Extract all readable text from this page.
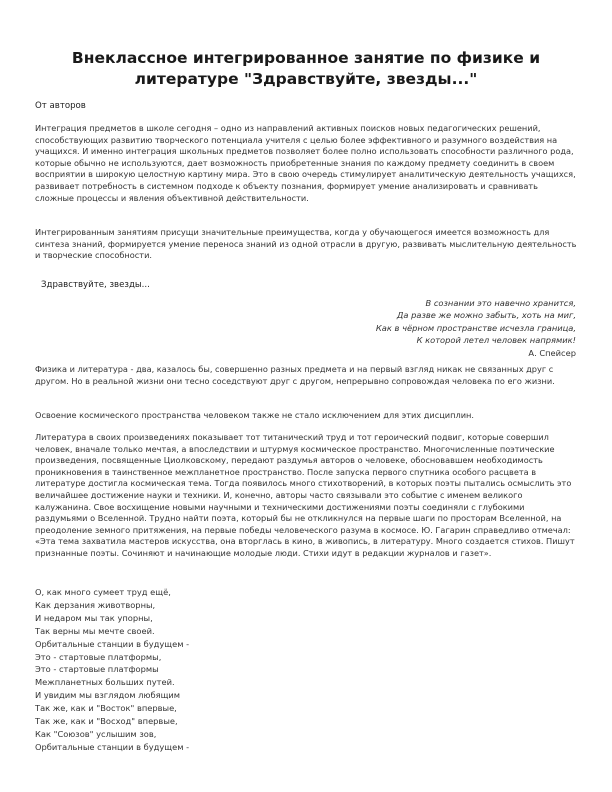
Внеклассное интегрированное занятие по физике и литературе "Здравствуйте, звезды..."

От авторов

Интеграция предметов в школе сегодня – одно из направлений активных поисков новых педагогических решений, способствующих развитию творческого потенциала учителя с целью более эффективного и разумного воздействия на учащихся. И именно интеграция школьных предметов позволяет более полно использовать способности различного рода, которые обычно не используются, дает возможность приобретенные знания по каждому предмету соединить в своем восприятии в широкую целостную картину мира. Это в свою очередь стимулирует аналитическую деятельность учащихся, развивает потребность в системном подходе к объекту познания, формирует умение анализировать и сравнивать сложные процессы и явления объективной действительности.

Интегрированным занятиям присущи значительные преимущества, когда у обучающегося имеется возможность для синтеза знаний, формируется умение переноса знаний из одной отрасли в другую, развивать мыслительную деятельность и творческие способности.

Здравствуйте, звезды...

В сознании это навечно хранится,
Да разве же можно забыть, хоть на миг,
Как в чёрном пространстве исчезла граница,
К которой летел человек напрямик!
А. Спейсер

Физика и литература - два, казалось бы, совершенно разных предмета и на первый взгляд никак не связанных друг с другом. Но в реальной жизни они тесно соседствуют друг с другом, непрерывно сопровождая человека по его жизни.

Освоение космического пространства человеком также не стало исключением для этих дисциплин.

Литература в своих произведениях показывает тот титанический труд и тот героический подвиг, которые совершил человек, вначале только мечтая, а впоследствии и штурмуя космическое пространство. Многочисленные поэтические произведения, посвященные Циолковскому, передают раздумья авторов о человеке, обосновавшем необходимость проникновения в таинственное межпланетное пространство. После запуска первого спутника особого расцвета в литературе достигла космическая тема. Тогда появилось много стихотворений, в которых поэты пытались осмыслить это величайшее достижение науки и техники. И, конечно, авторы часто связывали это событие с именем великого калужанина. Свое восхищение новыми научными и техническими достижениями поэты соединяли с глубокими раздумьями о Вселенной. Трудно найти поэта, который бы не откликнулся на первые шаги по просторам Вселенной, на преодоление земного притяжения, на первые победы человеческого разума в космосе. Ю. Гагарин справедливо отмечал: «Эта тема захватила мастеров искусства, она вторглась в кино, в живопись, в литературу. Много создается стихов. Пишут признанные поэты. Сочиняют и начинающие молодые люди. Стихи идут в редакции журналов и газет».

О, как много сумеет труд ещё,
Как дерзания животворны,
И недаром мы так упорны,
Так верны мы мечте своей.
Орбитальные станции в будущем -
Это - стартовые платформы,
Это - стартовые платформы
Межпланетных больших путей.
И увидим мы взглядом любящим
Так же, как и "Восток" впервые,
Так же, как и "Восход" впервые,
Как "Союзов" услышим зов,
Орбитальные станции в будущем -
